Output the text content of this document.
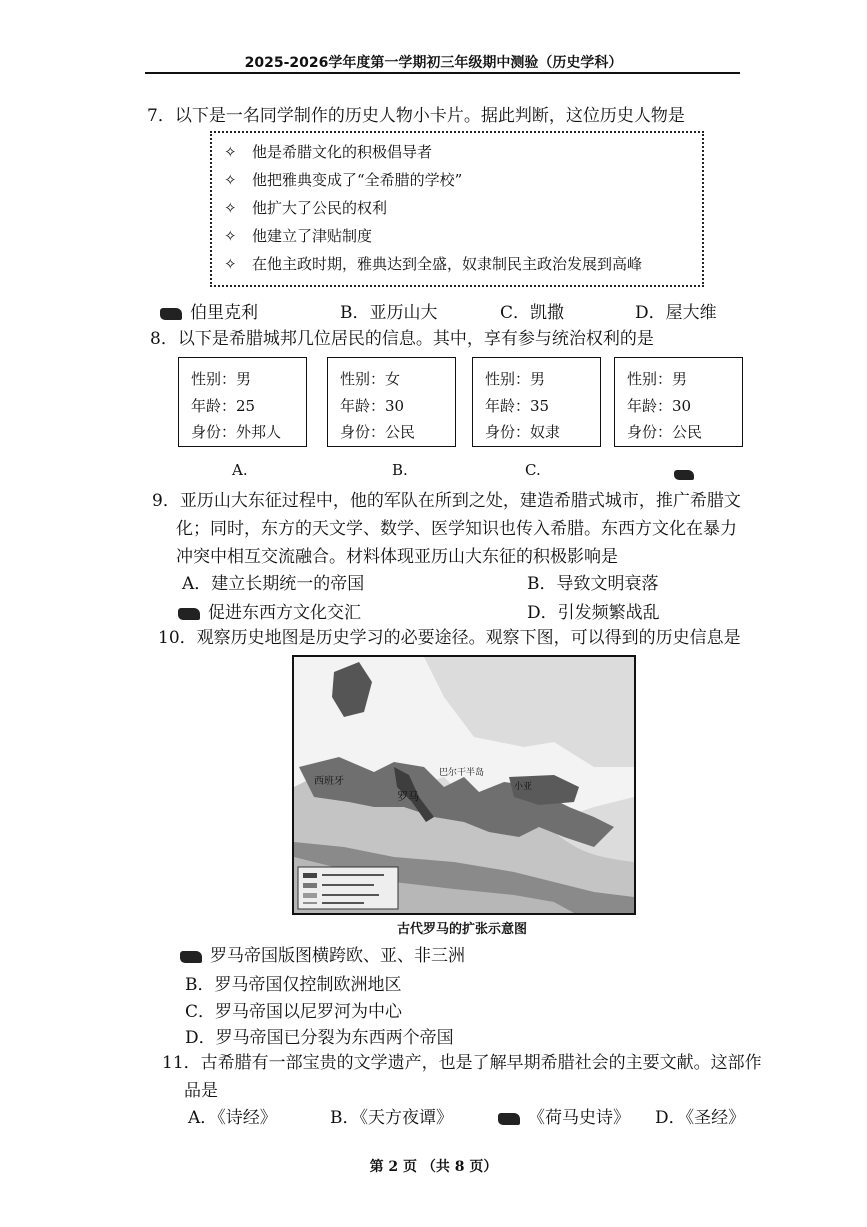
2025-2026学年度第一学期初三年级期中测验（历史学科）
7．以下是一名同学制作的历史人物小卡片。据此判断，这位历史人物是
✧ 他是希腊文化的积极倡导者
✧ 他把雅典变成了“全希腊的学校”
✧ 他扩大了公民的权利
✧ 他建立了津贴制度
✧ 在他主政时期，雅典达到全盛，奴隶制民主政治发展到高峰
伯里克利	B．亚历山大	C．凯撒	D．屋大维
8．以下是希腊城邦几位居民的信息。其中，享有参与统治权利的是
性别：男
年龄：25
身份：外邦人
性别：女
年龄：30
身份：公民
性别：男
年龄：35
身份：奴隶
性别：男
年龄：30
身份：公民
A.	B.	C.
9．亚历山大东征过程中，他的军队在所到之处，建造希腊式城市，推广希腊文
化；同时，东方的天文学、数学、医学知识也传入希腊。东西方文化在暴力
冲突中相互交流融合。材料体现亚历山大东征的积极影响是
A．建立长期统一的帝国	B．导致文明衰落
促进东西方文化交汇	D．引发频繁战乱
10．观察历史地图是历史学习的必要途径。观察下图，可以得到的历史信息是
罗马
西班牙
巴尔干半岛
小亚
古代罗马的扩张示意图
罗马帝国版图横跨欧、亚、非三洲
B．罗马帝国仅控制欧洲地区
C．罗马帝国以尼罗河为中心
D．罗马帝国已分裂为东西两个帝国
11．古希腊有一部宝贵的文学遗产，也是了解早期希腊社会的主要文献。这部作
品是
A．《诗经》	B．《天方夜谭》	《荷马史诗》 D．《圣经》
第 2 页 （共 8 页）
